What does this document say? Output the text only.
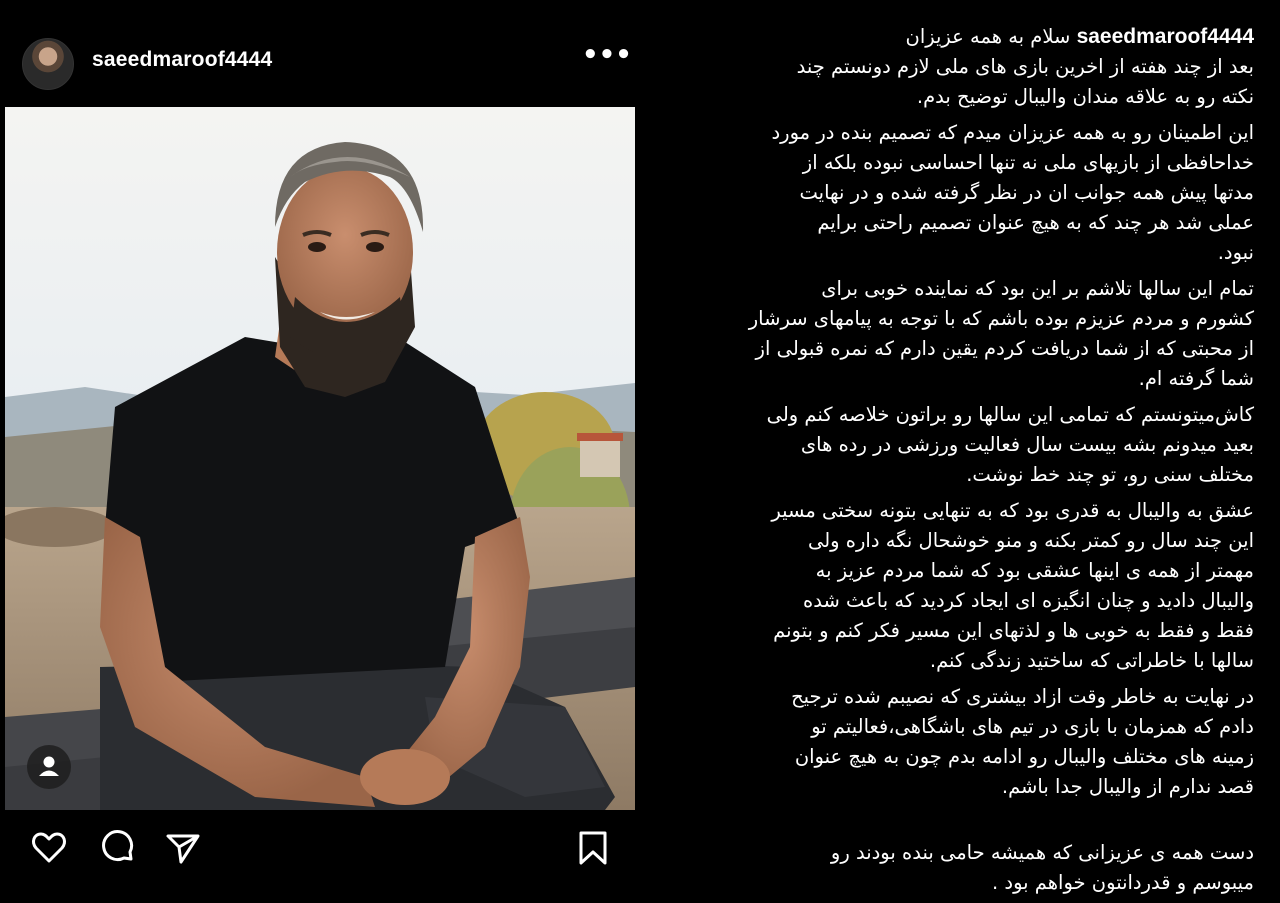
saeedmaroof4444	•••
saeedmaroof4444 سلام به همه عزیزان
بعد از چند هفته از اخرین بازی های ملی لازم دونستم چند
نکته رو به علاقه مندان والیبال توضیح بدم.
این اطمینان رو به همه عزیزان میدم که تصمیم بنده در مورد
خداحافظی از بازیهای ملی نه تنها احساسی نبوده بلکه از
مدتها پیش همه جوانب ان در نظر گرفته شده و در نهایت
عملی شد هر چند که به هیچ عنوان تصمیم راحتی برایم
نبود.
تمام این سالها تلاشم بر این بود که نماینده خوبی برای
کشورم و مردم عزیزم بوده باشم که با توجه به پیامهای سرشار
از محبتی که از شما دریافت کردم یقین دارم که نمره قبولی از
شما گرفته ام.
کاش‌میتونستم که تمامی این سالها رو براتون خلاصه کنم ولی
بعید میدونم بشه بیست سال فعالیت ورزشی در رده های
مختلف سنی رو، تو چند خط نوشت.
عشق به والیبال به قدری بود که به تنهایی بتونه سختی مسیر
این چند سال رو کمتر بکنه و منو خوشحال نگه داره ولی
مهمتر از همه ی اینها عشقی بود که شما مردم عزیز به
والیبال دادید و چنان انگیزه ای ایجاد کردید که باعث شده
فقط و فقط به خوبی ها و لذتهای این مسیر فکر کنم و بتونم
سالها با خاطراتی که ساختید زندگی کنم.
در نهایت به خاطر وقت ازاد بیشتری که نصیبم شده ترجیح
دادم که همزمان با بازی در تیم های باشگاهی،فعالیتم تو
زمینه های مختلف والیبال رو ادامه بدم چون به هیچ عنوان
قصد ندارم از والیبال جدا باشم.
دست همه ی عزیزانی که همیشه حامی بنده بودند رو
میبوسم و قدردانتون خواهم بود .
